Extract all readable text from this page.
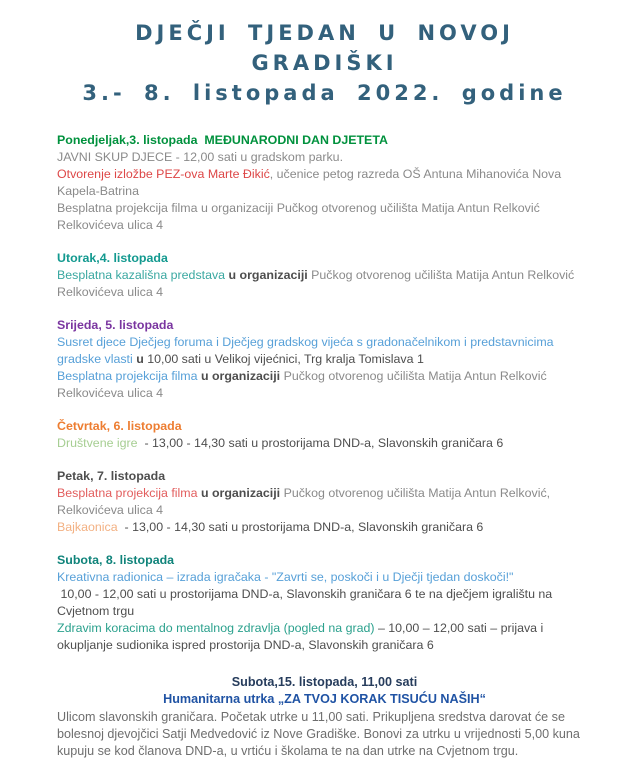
DJEČJI TJEDAN U NOVOJ GRADIŠKI
3.- 8. listopada 2022. godine
Ponedjeljak,3. listopada  MEĐUNARODNI DAN DJETETA
JAVNI SKUP DJECE - 12,00 sati u gradskom parku.
Otvorenje izložbe PEZ-ova Marte Đikić, učenice petog razreda OŠ Antuna Mihanovića Nova Kapela-Batrina
Besplatna projekcija filma u organizaciji Pučkog otvorenog učilišta Matija Antun Relković Relkovićeva ulica 4
Utorak,4. listopada
Besplatna kazališna predstava u organizaciji Pučkog otvorenog učilišta Matija Antun Relković Relkovićeva ulica 4
Srijeda, 5. listopada
Susret djece Dječjeg foruma i Dječjeg gradskog vijeća s gradonačelnikom i predstavnicima gradske vlasti u 10,00 sati u Velikoj vijećnici, Trg kralja Tomislava 1
Besplatna projekcija filma u organizaciji Pučkog otvorenog učilišta Matija Antun Relković Relkovićeva ulica 4
Četvrtak, 6. listopada
Društvene igre  - 13,00 - 14,30 sati u prostorijama DND-a, Slavonskih graničara 6
Petak, 7. listopada
Besplatna projekcija filma u organizaciji Pučkog otvorenog učilišta Matija Antun Relković, Relkovićeva ulica 4
Bajkaonica  - 13,00 - 14,30 sati u prostorijama DND-a, Slavonskih graničara 6
Subota, 8. listopada
Kreativna radionica – izrada igračaka - "Zavrti se, poskoči i u Dječji tjedan doskoči!"
10,00 - 12,00 sati u prostorijama DND-a, Slavonskih graničara 6 te na dječjem igralištu na Cvjetnom trgu
Zdravim koracima do mentalnog zdravlja (pogled na grad) – 10,00 – 12,00 sati – prijava i okupljanje sudionika ispred prostorija DND-a, Slavonskih graničara 6
Subota,15. listopada, 11,00 sati
Humanitarna utrka „ZA TVOJ KORAK TISUĆU NAŠIH“
Ulicom slavonskih graničara. Početak utrke u 11,00 sati. Prikupljena sredstva darovat će se bolesnoj djevojčici Satji Medvedović iz Nove Gradiške. Bonovi za utrku u vrijednosti 5,00 kuna kupuju se kod članova DND-a, u vrtiću i školama te na dan utrke na Cvjetnom trgu.
